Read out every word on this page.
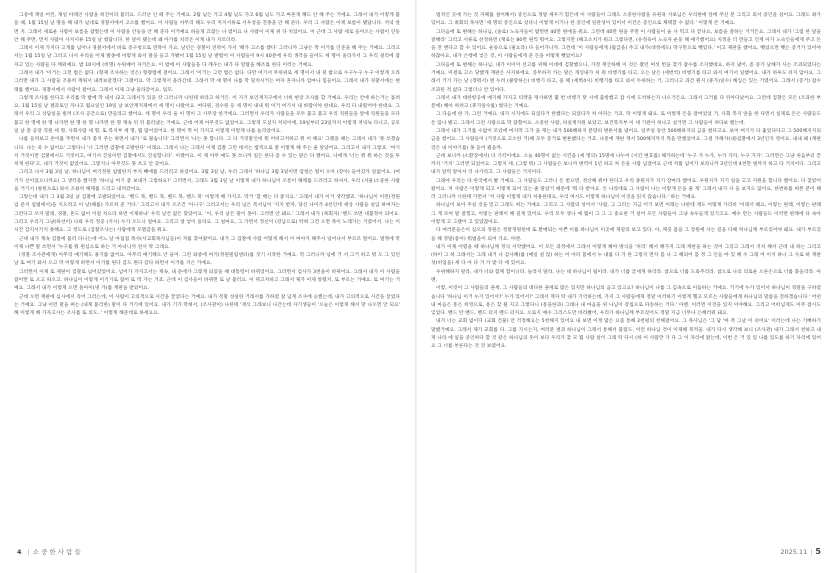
그중에 제일 어린, 제일 아래인 사람을 희진이라 불러요. 드러난 인 때 주는 거예요. 2월 넋은 가고 4월 넋도 가고 6월 넋도 가고 마흔개 해도 안 해 주는 거에요. 그래서 내가 이렇게 불을 때, 1월 15일 날 땅을 해 내가 넋대로 경찰서에서 고소를 했어요. 이 사람들 아무리 해도 우리 저지서류로 서우장을 전종을 안 해 준다. 우리 그 사람은 이제 보름이 됐답니다. 저녁 앞면 지. 그래서 새로운 사람이 보름을 잡혔는데 이 사람을 안둥을 안 해 준다 이거예요 하들게 끄잖는 나 였어요 나 사람이 이제 위 다 치었어요. 이 근데 그 사람 세로 들어오는 사람이 안둥 안 해 주면, 먼저 사람이 사지서류 15일 날 썼답니다. 한 달이 됐는데 왜 아가를 치러온 이게 내가 지르더라.

그래서 이제 가지다 고개를 넘어나 경찰서에서 바로 증구청으로 연락이 가요. 날년은 경찰이 연락이 가서 '해가 고소를 했다' 그러니까 그냥은 막 이거를 인준을 해 주는 거예요. 그리고서는 1월 15일 날 그러고 나서 우리들 어제 발종에 이렇게 와서 딸을 들고 가봤어 1월 15일 날 발렸어 이 사람들이 9시 40분에 우리 생각을 들어도 세 명이 올라가서 그 우리 설리에 잡자고 있는 사람들 다 깨워예요. 밤 10시에 (비명) 누워예어 자거든요. 이 밤에 이 사람들을 다 깨우는 내가 다 알람을 해조를 한다 이러는 거예요.

그래서 내가 '이거는 그런 법은 없다. (형제 조사하는 것은) 형량법에 걸어요. 그래서 '이거는 그런 법은 없다. 다만 여기서 무위위로 세 명이서 내 뒷 밤으로 누구누구 누구 이렇게 오라 그러면 내가 그 사람들 조용히 깨워서 내려보갈겠다' 그랬어요. 막 그렇게서 올라간대. 그래서 막 세 명이 나를 막 밀치시키는 여자 혼자니까 엄마나 힘들어요. 그래서 내가 경찰서에는 현태를 했어요. 경찰서에서 사람이 왔어요. 그래서 이제 그냥 올라갔어요. 엄모.

그렇게 조사를 한다고 우리를 막 밤에 막 내서 (2고 그래서가 있을 갓 그러니까 나한테 하라고 하거든. 이 지기 보인재지구에서 너희 현장 조사를 할 거예요. 우리는 안에 하는거는 틀려요. 1월 15일 날 결과로인 자나고 월요일인 19일 날 보안재지제에서 세 명이 나왔어요. 여다원, 경수원 등 세 명이 내내 뭐 이거 여기서 내 바람이야 한대요. 우리 다 내렸어야 한대요. 그래서 우리 그 상담실을 빌려 (조사 공간으로) 만들라고 했어요. 세 명이 우리 둘 이 명이 그 사무장 한거에요. 그러면서 우리가 사람들을 모두 불고 불고 우리 직원들을 앞에 직원들을 모다 불고 한 명에 한 명 나가면 한 명 한 명 나가면 한 명 계속 뒤 뒤 불러냈는 거예요. 근데 어제 아무것도 없었어요. 그렇게 모셨지 저녁이에, 19일부터 23일까지 이렇게 저녁녹 다니고, 공모일 날 총 공장 직원 세 명, 사회사람 세 명, 또 복지부 세 명, 뭘 많이었어요. 한 명이 막 이 가지고 이렇게 이렇게 나를 놀리았어요.

나를 들려보고 흔이를 주면서 내가 좋지 주는 하면서 내가 '로 줬습니다' 그러면서 '나는 못 합니다. 그 다 거짓말인데 뭐 어떠고저하고 뭐 이 해요' 그랬을 때는 그래서 내가 '못 쓰겠습니다. 나는 죽 수 없어요' 그렇다니 '너 그러면 검찰에 고발한다' 이래요. 그래서 나는 그래서 이제 검찰 그런 데서는 법적으로 잘 이렇게 해 주는 줄 알았어요. 그리고서 내가 그렇죠. '여기서 거짓이면 검찰에서도 거짓이고, 여기서 진실이면 검찰에서도 진실합니다'. 이랬어요. 이 제 아무 얘도 못 쓰니까 일은 한다 좀 수 있는 말은 다 했어요. 나에게 '너는 뭐 뭐 하는 것을 투 쳐게 한다'고, 내가 거짓이 없었어요. 그렇지니 아무것도 못 쓰고 안 갔어요.

그리고 나서 3월 3일 날, 하나님이 여기정원 침범한지 부지 빼에를 드러리고 하셨어요. 3월 3일 날, 우리 그래서 '하나님 3월 3일이면 엄청은 딸이 오아 (강아) 들어갔가 일없어요. (여기가 선이었으니까요) 그 생각을 했지만 '하나님 여기 좋 보내가 그렇하요?' 그러면서, 그래도 3월 3일 날 이렇게 내가 하나님이 조릉이 해깨를 드러리고 하셔서, 우리 (서울)소중한 사람을 거기서 (창원으로) 와서 조용히 해깨를 드리고 내려갔어요.

그렇는데 내가 그 3월 3일 날 검찰에 고발되었어요. '밴드 북, 밴드 북, 밴드 북, 밴드 북' 이렇게 해 가지고. 막거 '할 배는 다 좋지요.' 그래서 내가 이거 생각했죠. '하나님이 이런(정원 입 문지 침범에서)을 지으려고 이 날(해를) 가르쳐 준 거다.' 그리고서 내가 조조건 '아니구' 그러고서는 우리 넋은 복서님이 '지지 받자, 당신 나이가 4선인데 세상 사람을 실입 하여자는 그런다고 쓰지 말래, 경찰, 흔도 없이 이걸 치으라 하면 이제하냐' 우리 날건 없든 맞았어요. '이, 우리 날든 말이 못아. 그러면 안 돼요.' 그래서 내가 (목회자) '밴드 쓰면 대불정이 되어요. 그리고 우리가 그냥(하선이) 나와 우리 정공 (지시) 누가 오도니 얼마요. 그리고 얼 넣이 올라요. 그 얼마요, 그 가면서 정신이 (강남으로) 딱혀 그건 오면 목이 노래가는 거였어서. 나는 이 시간 감지시키지 못해요. 그 정도로 (검찰조사는) 사람에게 모멸감을 줘요.

근데 내가 계속 검찰에 불러 다니는데 어느 날 아침점 목사(서교회목사님들)이 저를 찾아왔어요. 내가 그 검찰에 사람 어떻게 해서 이 여야가 해주시 일어나서 부르르 떨어요. 멀쩡에 막 이제 나쁜 말 쓰면서 '누구를 뭐 원심으로 하는 거 아녀니까 연서 딱 그래요.

(경찰 조사관에게) 아무리 얘기해도 용기를 없어요. 아무리 얘기해도 안 들어. 그런 와중에 여기(정원빌림센터)를 짓기 시작한 거예요. 막 그러니까 넋에 거 서 그거 하고 뭐 도 그 있던 날 또 여기 와서 오고 막 이렇게 하면서 이거를 원다 감도 원다 감다 하면서 이거를 지은 거예요.

그러면서 이제 또 제판이 검찰로 넘어갔었어요. 넘어가 가지고서는 재속, 내 문에가 그렇게 되었을 때 대통령이 바뀌었어요. 그러면서 검사가 3천을이 바뀌어요. 그래서 내가 이 사람을 잡어면 또 오고 따오고. 하나님이 이렇게 이기기로 잡어 또 막 가는 거죠. 근데 이 검사들이 바뀌면 또 날 불러요. 이 뀌고저하고 그래서 제가 이제 알렸지, 또 부르는 거예요. 또 여기는 거예요. 그래서 내가 이렇게 오면 돌아이(넷 가)를 재판을 받았어요.

근데 오면 재판에 심사에서 직어 그러는데, 이 사람이 고의적으로 시간을 끌었다는 거예요. 내가 정말 성실한 거래서를 가하였 잘 넘게 조사에 응했는데, 내가 고의적으로 시간을 끌었다는 거예요. 그냥 이런 말을 써는 (내게 불리한) 말이 다 거기에 있어요. 내가 기가 막혀서, (조사관이) 나한테 '재식 그래보니 나간는데 자기생들이 '오늘은 이렇게 해서 맛 나오면 안 되요' 해 이렇게 해 가자고사는 조사를 또 의도..' 이렇게 해준데로 하세요요.

법적인 곳에 가는 것 자체를 설어해서) 증인으로 정말 세우기 힘든데 이 사람들이 그래도 소중한사람을 유원욕 사보님은 우리편에 앞에 주신 분 그리고 외서 증인을 섰어요. 그래도 최가 있어요. 그 최회의 목사면 '세 명의 증인으로 섰다니 이렇게 이기나 한 증인에 일관성이 있어서 이건은 증인으로 채택할 수 없다.' 이렇게 쓴 거예요.

그다음에 또 변해는 하나님, (솔로) 노숙자들이 밥먼번 40만 원에을 줘요. 그런데 40만 원을 주면 이 사람들이 술 사 먹고 다 끝나요, 보름을 잘하는 거거든요. 그래서 내가 '그럼 한 달을 잘해라' 그리고 서류로 선정하면 (재료는 80만 원씩 뭐어요. 그렇지만 (해고소치가 워크 그렇다면, (유정육이 노숙자 운동 해 얘기했어요) 지정을 더 만들고 인재 아가 노숙인들에게 주고 돈을 잔 맨다고 할 수 있어요. 운동으로 (필요라) 다 들어가니까. 그런데 '이 사람들에게 (월급을) 주고 내가(대정에도) 딱구만으로 뺏었다.' 이고 제판을 했어요, 뺏었으면 뺏은 증거가 있어야 하잖아요, 내가 은행에 넣은 것, 이 사람들에게 준 돈을 어떻게 뺏었어요?

그다음에 또 변해는 하나님, 내가 이이이 선고를 위해 이대에 검찰했으니, 가정 재산하해 이 것은 왔던 여섯 번을 찾가 잡수를 조지했대요, 하지 냈어, 좀 증가 날해가 사는 조과되었다는 거예요. 미결로 고소 당했게 재판은 사지하에요. 증무하지 카는 말은 개잉내가 처 줘 비행기를 타고, 오는 날은 (세번씩) 비행기를 타고 와서 여기서 일했어요. 내가 하루도 쉬지 않아요. 그래서 거기 가는 날 (정뭐서) 맨 누려 (클랑하는) 비행기 타고, 올 때 (세벽4시) 비행기를 타고 와서 두위하는 거, 그러니고 과건 뭔지 (휴가)일수) 해입은 있는 거였어요. 그래서 (증거) 잡수 조과된 적 없다 그렇더니 안 있어다.

그래서 내가 대한항공에 얘기해 가지고 티켓을 재사하면 몇 번 비행기 탓 시에 출항했고 잡 시에 도착하는지 나오거든요. 그래서 그거를 다 뒤아다났어요. 그런데 검찰은 모든 (조과한 부분에) 해아 하려고 (휴가일수를) 썼다는 거예요.

그 다음에 한 가, 그런 거예요. 내가 시지에도 되었다거 한했다는 되었다가 처 아파는 거죠. 딱 이렇게 돼요. 또 이렇게 돈을 잡여었었 거, 사회 복지 앞을 한 다면서 실제로 돈은 사람들도 돈 않나 봤고, 그래서 그런 사람으로 막 잡혔어요. 소중한 사람, 비실재지원 보았고, 보건복지부 이 세 기관이 허나고 섰거면 그 사람들이 쳐다보 했는데.

그래서 내가 그거를 수없이 모았에 마지막 그가 을 재는 내가 500해하지 분량의 변론서를 냈어요. 일주일 동안 500해하지의 금을 썼다고요. 보이 여기가 다 훑었다다고 그 500해지지의 금을 썼어요. 그 사람들이 (거짓으로 고소한 거)해 모두 증거로 변론했다는 거죠. 나중에 재판 재서 500해지까지 찍을 만했었어요. 그걸 가해자(내)검찰에서 3년인지 영어요. 내내 왜 (재판장은 내 이야기를) 못 듣어 줬을까.

근데 보니까 (소환장에서) 다 기각이에요. 오늘 40명이 없는 시간을 (세 명의) 15명에 나누어 (시간 변호를) 해가하는데 '누구 가 누가, 누가 가자, 누구 가자'. 그러면은 그냥 처음부터 끝까지 '거지' 그러면 되었어요. 그렇지 세. (그렇 뭐) 그 사람들은 보니까 변역이 1년 하고 차 돈을 사람 넘겼어요 근데 저를 넘어가 보라니까 3년인데 4천만 벌까지 하고 다 거지이다. 그리고 내가 달력 알아서 더 나가라고. 그 사람들은 거지이다.

그래야 우리는 다 한국에서 봤 거예요. 그 사람들도 그러니 돈 받으면, 정산해 줘야 한다고 우리 종원지가 지기 장마라 했어요. 우원지가 지기 일을 고고 지원을 합니다 했어요. 다 찾았어 왔어요. 저 사람은 이렇게 되고 이렇게 되어 있는 줄 말았기 때문에 '뭐 다 받아요. 돈 나라데로 그 사람이 나는 이렇게 돈을 줄 게' 그래서 내가 사 들 보지도 않어요, 한번하를 써본 분이 해러 그러니까 너한테 가면서 '저 사람 이렇게 내가 차용한테요, 우리 여시도 이렇게 하나님이 이것을 읽지 않습니다.' 하는 거예요.

하나님이 보아 주실 것을 믿고 그래도 써는 거예요. 그리고 그 사람의 성어서 '사람, 그 그러는 지금 어기 보면 이래는 나한테 재도 어떻게 가리비 '이래서 헤요, 이렇는 판례, 이렇는 판례 그 게 모여 말 잘겠고, 이렇는 판례이 해 길게 있어요. 우리 모두 영나 애 뭘이 그 그 그 중요한 거 실어 모든 사람들이 그냥 속우들게 있기고요. 예수 만는 사람들도 이러면 판례에 다 속아 이렇게 고 그랬어 고 있었잖아요.

다 여러분들은이 심오의 정원은 정말정원된데 또 환매되는 아쁜 이를 하나님이 이곳에 재갈의 보고 있다. 아, 깨끗 몸을 그 장원에 사는 길을 다해 허나님께 부르짖어야 돼요. 내가 부르짖을 해 정말(좋이) 뭐범을이 되어 가요. 아멘.

내가 이제 어렸을 때 하나님께 정식 서약했어요. 이 모든 과정에서 그래서 이렇게 해야 방식을 '처리' 해서 해가지 그래 재판을 하는 것이 그리고 그래서 지치 해서 근데 내 하는 그리고 (하이 그 하 그래서는 그래 내거 나 감사해)를 (매일 설 않) 하는 이 아파 몸에서 누 내를 다 가 한 그렇지 면자 몸 나 그 해되어 몸 정 그 인들 마 있 해 수 그래 어 이지 하나 그 사로 하 재판 성(허업을) 세 다 아 다 거 가 밭 다 에 있어요.

우위해하지 말라, 내가 너와 함께 함이니라. 놀라지 말라, 나는 네 하나님이 됨이라. 내가 너를 굳세게 하리라. 참으로 너를 도와주리라. 참으로 나의 의로운 오른손으로 너를 붙들리라. 아멘.

이렇, 이것이 그 사람들의 권세, 그 사람들의 대다한 권세로 많은 있지만 하나님의 음고 있고요? 하나님이 나를 그 김속으로 이듬하는 거예요. 거기에 누가 있어서 하나님이 정말을 구하였습니다 '하나님 이거 누가 있어서?' 누가 있어서?' 그래서 재자 딱 내가 기억하는데, 가지 그 사람들에게 정말 이러하기 이렇게 헬고 모르는 사람들에게 하나님의 말씀을 전하겠습니다.' 어떤 내 마음은 흥은 희영으로, 흥은 찾 될 지고 그렇다니 (흥을한과) 그래나 내 마음을 위 나님이 강집으로 파송하는 거다.' 아멘. 이러면 이것을 있지 이야해요. 그리고 어떠넘게도 이주 잡시도 잊었다. 밴드 탄 밴드, 밴드 터지 밴드 터지요. 오로지 예수 그리스도만 바라봤어, 우리가 하나님께 부르짖어도 정말 지금 너무나 은혜러워 돼요.

내가 너는 교회 없이다 (교회 건물) 안 걱정해요는 5천해지 있어요 내 보면 이정 많은 요즘 통해 2천평의 천해졌어요. 그 목사님은 '그 담 '마 폭 그날 이 쉬어요' 이러는데 나는 기뻐하기 말했거예요. 그래서 제가 교회를 다. 그를 가시는지, 여러분 결과 하나님이 그래서 통해서 불렀도. 이런 하나님 것이 이제해 목적을. 내가 다시 생각해 보니 (조사관) 내가 그래서 천하고 내게 나라 에 일을 증인하다 할 것 같은 하나님의 뜻이 보다 우리가 찾 모 뭘 사람 살이 그래 딱 다시 (하 이 사람만 가 다 그 이 자리에 왔는데, 이번 은 거 있 있 나를 있도를 하기 자리에 있어요 그 너를 부른다는 것 것 보였어요.

4 | 소 중 한 사 람 들	2025.11 | 5
